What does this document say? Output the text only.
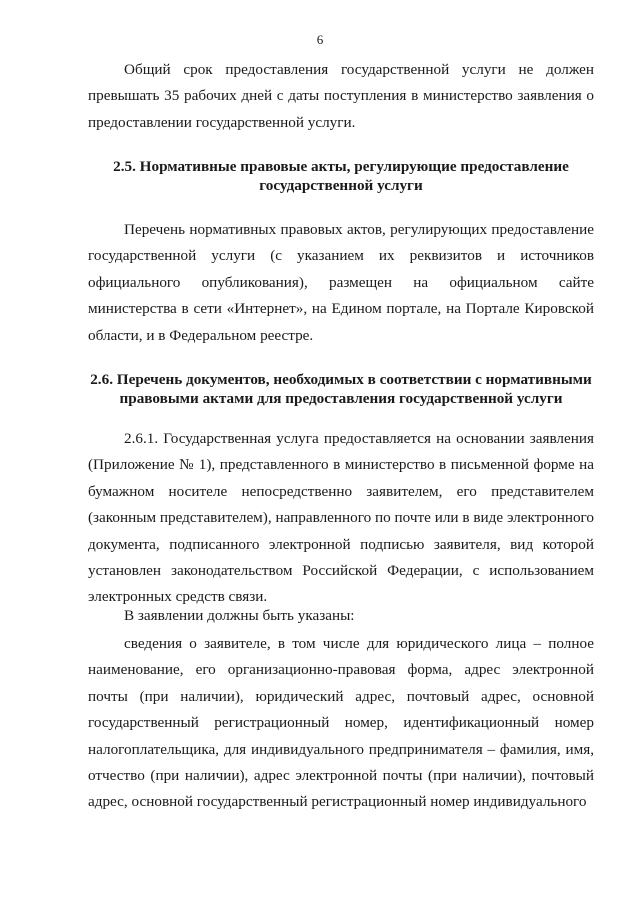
6

Общий срок предоставления государственной услуги не должен превышать 35 рабочих дней с даты поступления в министерство заявления о предоставлении государственной услуги.

2.5. Нормативные правовые акты, регулирующие предоставление
государственной услуги

Перечень нормативных правовых актов, регулирующих предоставление государственной услуги (с указанием их реквизитов и источников официального опубликования), размещен на официальном сайте министерства в сети «Интернет», на Едином портале, на Портале Кировской области, и в Федеральном реестре.

2.6. Перечень документов, необходимых в соответствии с нормативными
правовыми актами для предоставления государственной услуги

2.6.1. Государственная услуга предоставляется на основании заявления (Приложение № 1), представленного в министерство в письменной форме на бумажном носителе непосредственно заявителем, его представителем (законным представителем), направленного по почте или в виде электронного документа, подписанного электронной подписью заявителя, вид которой установлен законодательством Российской Федерации, с использованием электронных средств связи.

В заявлении должны быть указаны:

сведения о заявителе, в том числе для юридического лица – полное наименование, его организационно-правовая форма, адрес электронной почты (при наличии), юридический адрес, почтовый адрес, основной государственный регистрационный номер, идентификационный номер налогоплательщика, для индивидуального предпринимателя – фамилия, имя, отчество (при наличии), адрес электронной почты (при наличии), почтовый адрес, основной государственный регистрационный номер индивидуального
